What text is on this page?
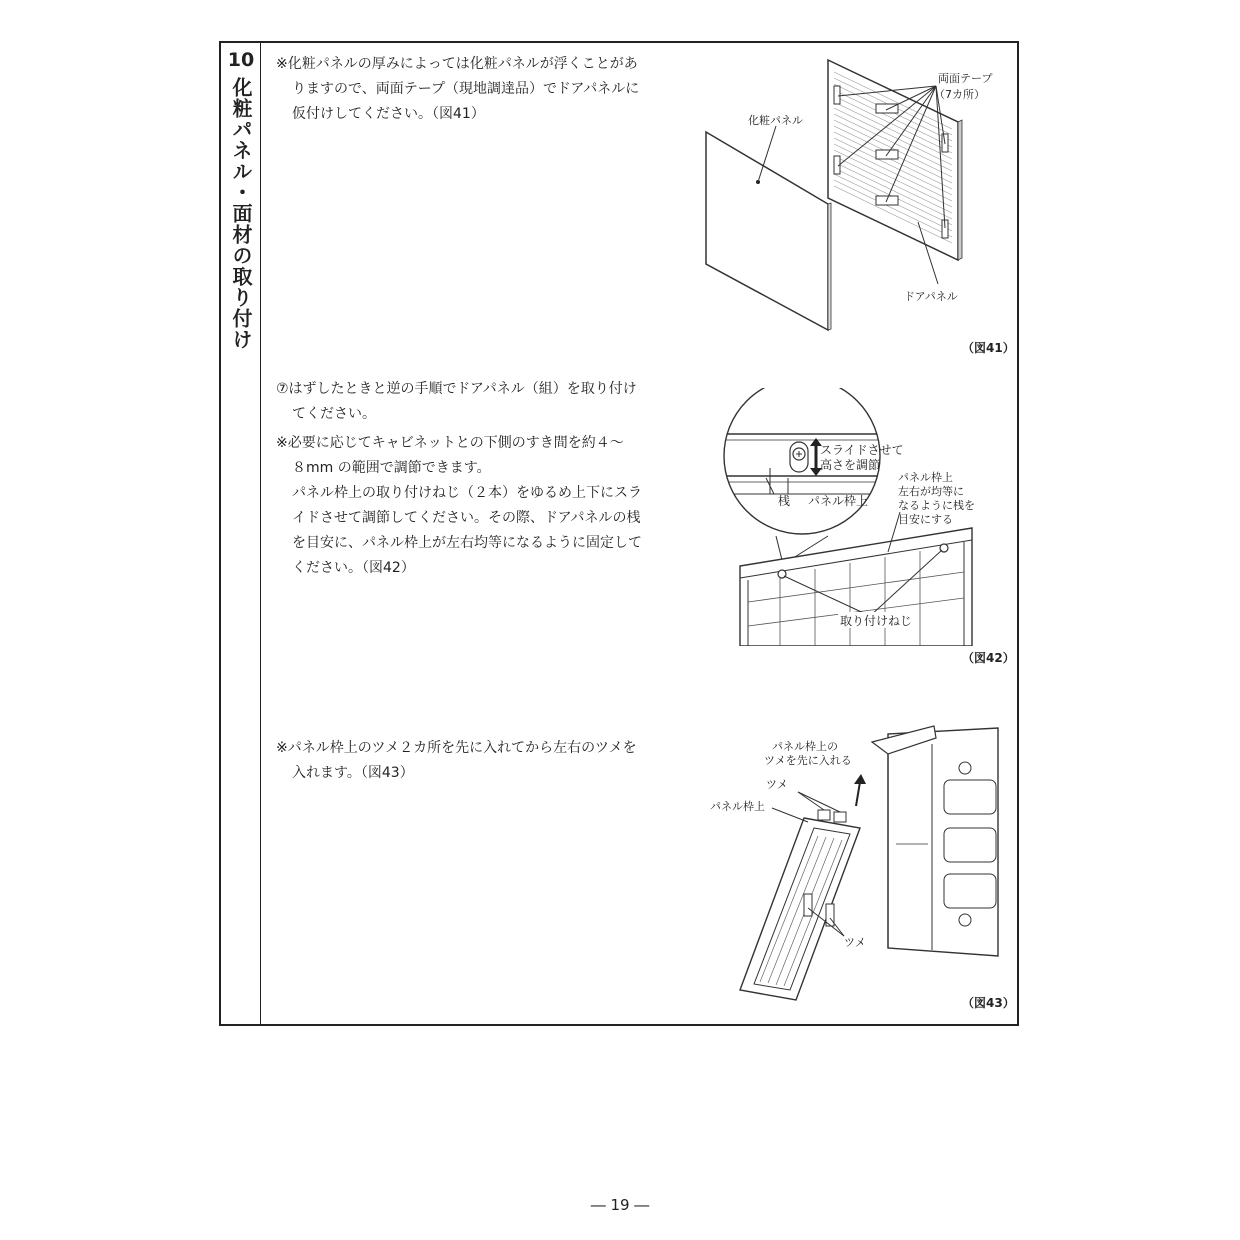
10
化粧パネル・面材の取り付け

※化粧パネルの厚みによっては化粧パネルが浮くことがあ

りますので、両面テープ（現地調達品）でドアパネルに

仮付けしてください。（図41）

⑦はずしたときと逆の手順でドアパネル（組）を取り付け

てください。

※必要に応じてキャビネットとの下側のすき間を約４～

８mm の範囲で調節できます。

パネル枠上の取り付けねじ（２本）をゆるめ上下にスラ

イドさせて調節してください。その際、ドアパネルの桟

を目安に、パネル枠上が左右均等になるように固定して

ください。（図42）

※パネル枠上のツメ２カ所を先に入れてから左右のツメを

入れます。（図43）

両面テープ
（7カ所）
化粧パネル
ドアパネル
（図41）
スライドさせて
高さを調節
桟 パネル枠上
パネル枠上
左右が均等に
なるように桟を
目安にする
取り付けねじ
（図42）
パネル枠上の
ツメを先に入れる
ツメ
パネル枠上
ツメ
（図43）
― 19 ―
